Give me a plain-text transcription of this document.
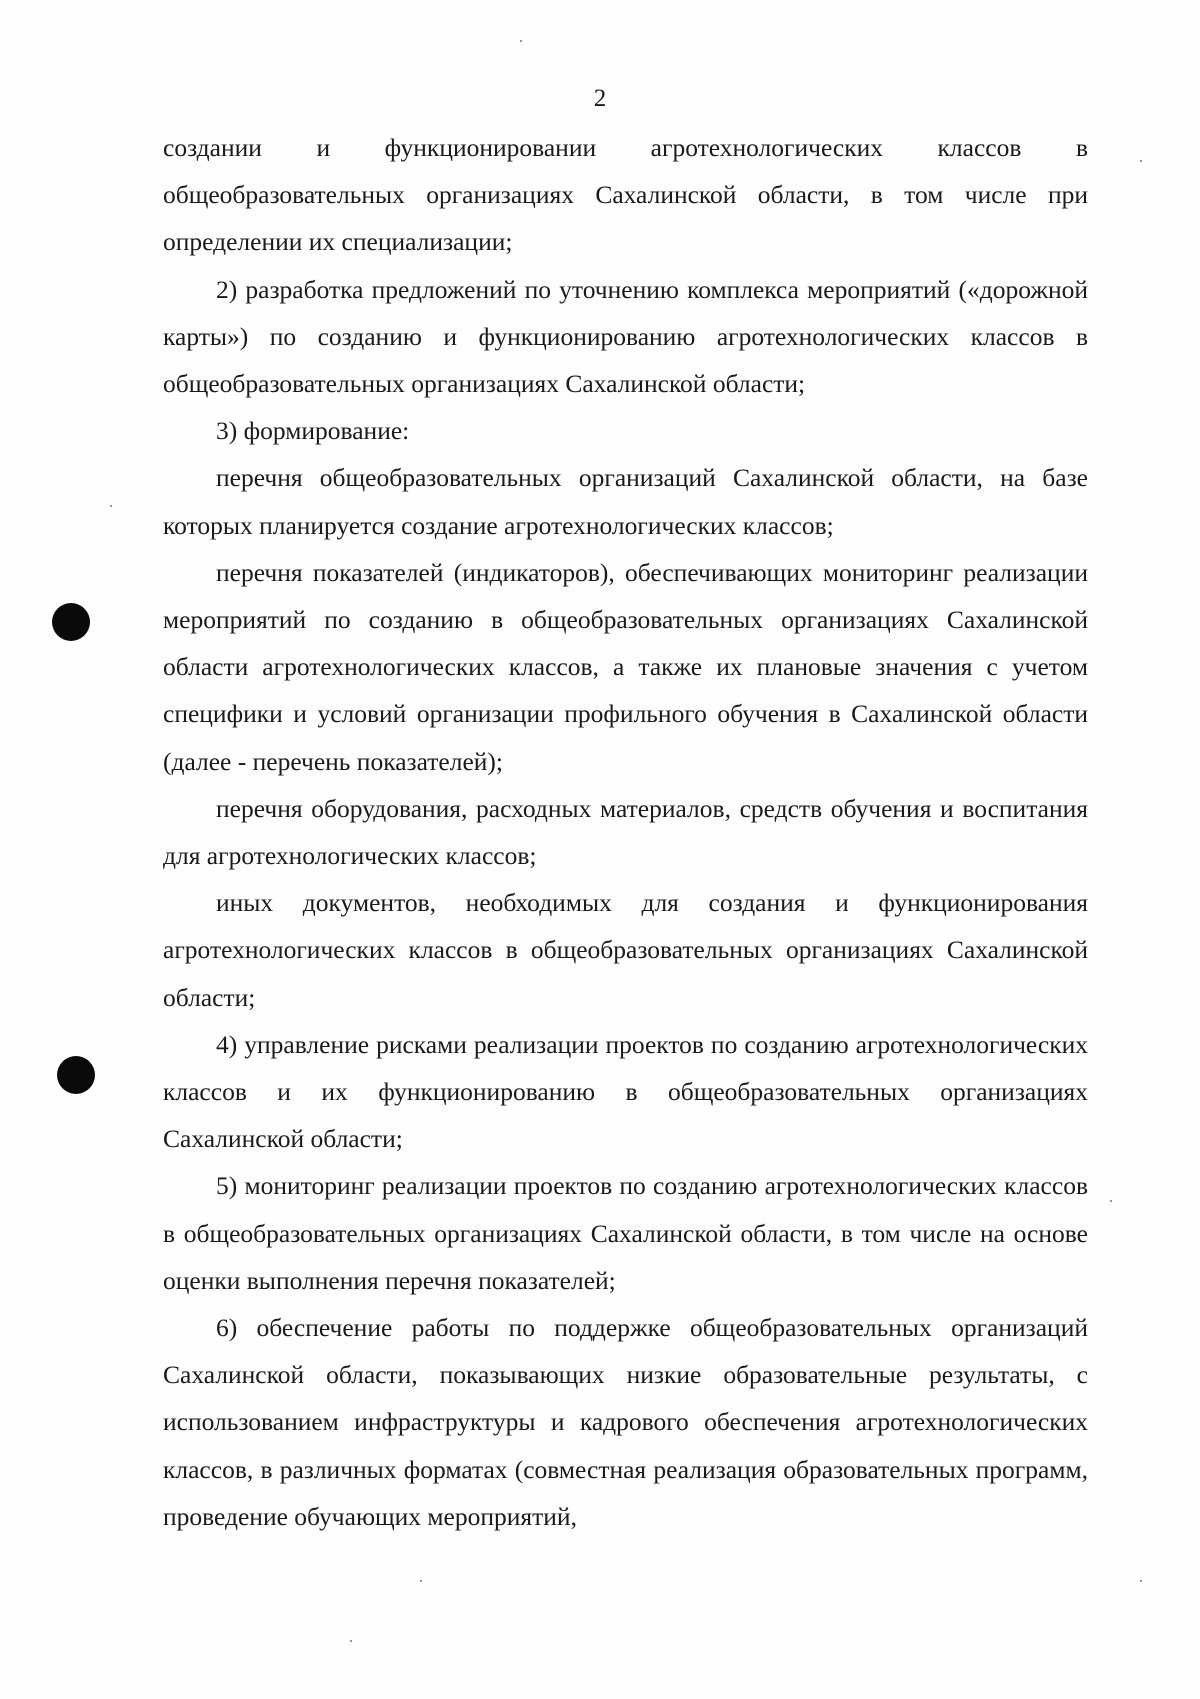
2

создании и функционировании агротехнологических классов в общеобразовательных организациях Сахалинской области, в том числе при определении их специализации;

2) разработка предложений по уточнению комплекса мероприятий («дорожной карты») по созданию и функционированию агротехнологических классов в общеобразовательных организациях Сахалинской области;

3) формирование:

перечня общеобразовательных организаций Сахалинской области, на базе которых планируется создание агротехнологических классов;

перечня показателей (индикаторов), обеспечивающих мониторинг реализации мероприятий по созданию в общеобразовательных организациях Сахалинской области агротехнологических классов, а также их плановые значения с учетом специфики и условий организации профильного обучения в Сахалинской области (далее - перечень показателей);

перечня оборудования, расходных материалов, средств обучения и воспитания для агротехнологических классов;

иных документов, необходимых для создания и функционирования агротехнологических классов в общеобразовательных организациях Сахалинской области;

4) управление рисками реализации проектов по созданию агротехнологических классов и их функционированию в общеобразовательных организациях Сахалинской области;

5) мониторинг реализации проектов по созданию агротехнологических классов в общеобразовательных организациях Сахалинской области, в том числе на основе оценки выполнения перечня показателей;

6) обеспечение работы по поддержке общеобразовательных организаций Сахалинской области, показывающих низкие образовательные результаты, с использованием инфраструктуры и кадрового обеспечения агротехнологических классов, в различных форматах (совместная реализация образовательных программ, проведение обучающих мероприятий,
